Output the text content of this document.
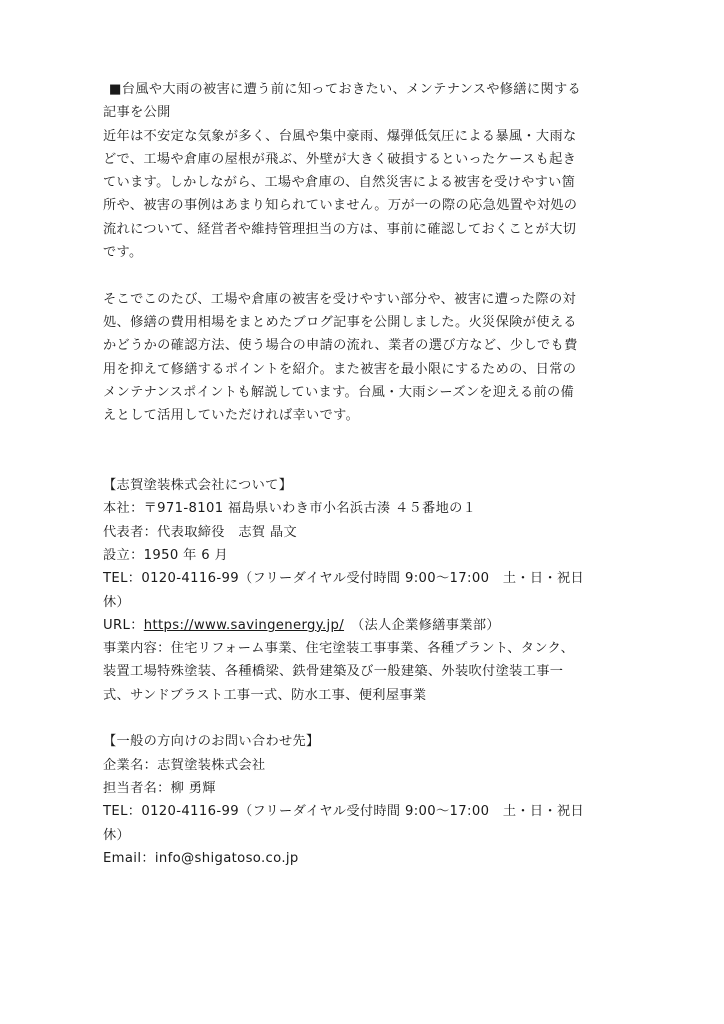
■台風や大雨の被害に遭う前に知っておきたい、メンテナンスや修繕に関する
記事を公開
近年は不安定な気象が多く、台風や集中豪雨、爆弾低気圧による暴風・大雨な
どで、工場や倉庫の屋根が飛ぶ、外壁が大きく破損するといったケースも起き
ています。しかしながら、工場や倉庫の、自然災害による被害を受けやすい箇
所や、被害の事例はあまり知られていません。万が一の際の応急処置や対処の
流れについて、経営者や維持管理担当の方は、事前に確認しておくことが大切
です。
そこでこのたび、工場や倉庫の被害を受けやすい部分や、被害に遭った際の対
処、修繕の費用相場をまとめたブログ記事を公開しました。火災保険が使える
かどうかの確認方法、使う場合の申請の流れ、業者の選び方など、少しでも費
用を抑えて修繕するポイントを紹介。また被害を最小限にするための、日常の
メンテナンスポイントも解説しています。台風・大雨シーズンを迎える前の備
えとして活用していただければ幸いです。
【志賀塗装株式会社について】
本社：〒971-8101 福島県いわき市小名浜古湊 ４５番地の１
代表者：代表取締役　志賀 晶文
設立：1950 年 6 月
TEL：0120-4116-99（フリーダイヤル受付時間 9:00～17:00　土・日・祝日
休）
URL：https://www.savingenergy.jp/　（法人企業修繕事業部）
事業内容：住宅リフォーム事業、住宅塗装工事事業、各種プラント、タンク、
装置工場特殊塗装、各種橋梁、鉄骨建築及び一般建築、外装吹付塗装工事一
式、サンドブラスト工事一式、防水工事、便利屋事業
【一般の方向けのお問い合わせ先】
企業名：志賀塗装株式会社
担当者名：柳 勇輝
TEL：0120-4116-99（フリーダイヤル受付時間 9:00～17:00　土・日・祝日
休）
Email：info@shigatoso.co.jp
